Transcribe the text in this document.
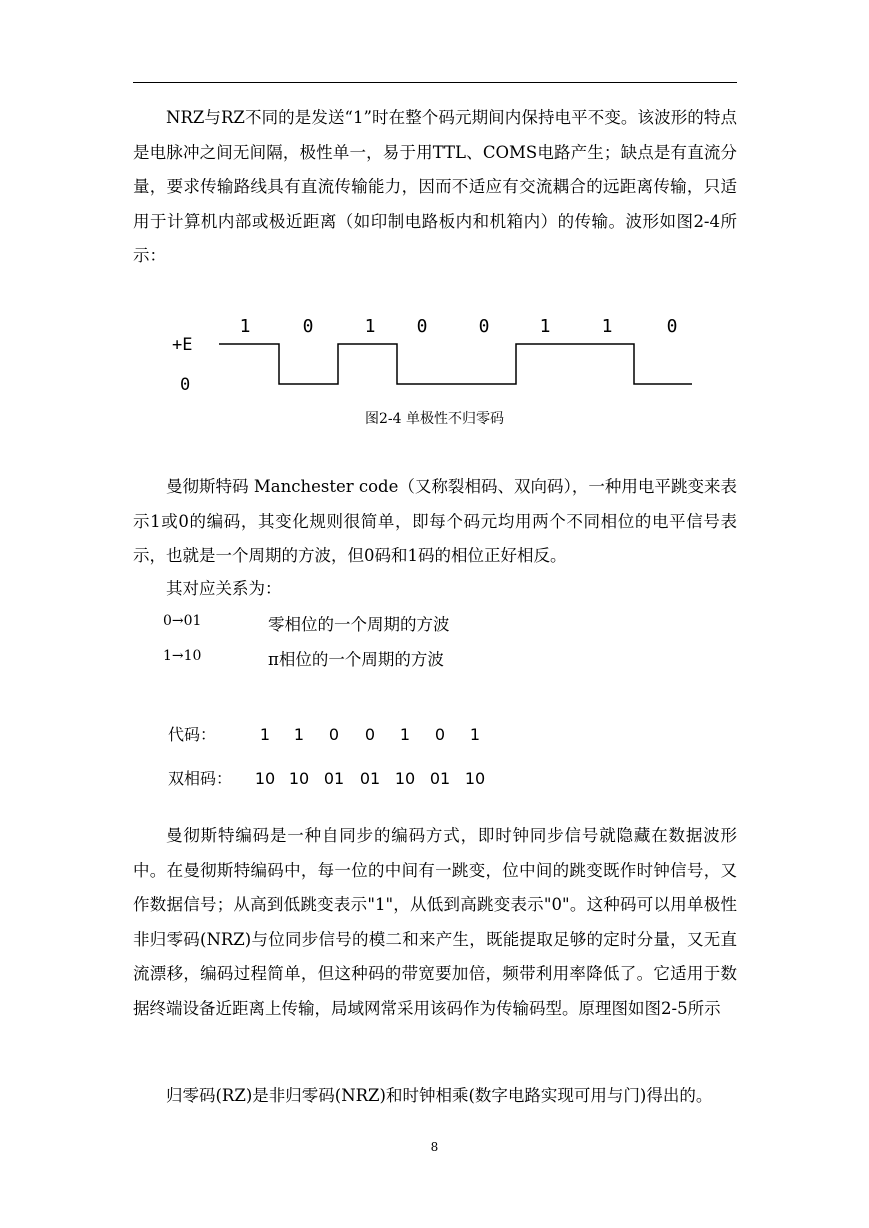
NRZ与RZ不同的是发送“1”时在整个码元期间内保持电平不变。该波形的特点是电脉冲之间无间隔，极性单一，易于用TTL、COMS电路产生；缺点是有直流分量，要求传输路线具有直流传输能力，因而不适应有交流耦合的远距离传输，只适用于计算机内部或极近距离（如印制电路板内和机箱内）的传输。波形如图2-4所示：

1	0	1 0	0	1	1	0
+E
0
图2-4 单极性不归零码

曼彻斯特码 Manchester code（又称裂相码、双向码），一种用电平跳变来表示1或0的编码，其变化规则很简单，即每个码元均用两个不同相位的电平信号表示，也就是一个周期的方波，但0码和1码的相位正好相反。

其对应关系为：
0→01	零相位的一个周期的方波
1→10	π相位的一个周期的方波
代码：	1 1 0 0 1 0 1
双相码： 10 10 01 01 10 01 10

曼彻斯特编码是一种自同步的编码方式，即时钟同步信号就隐藏在数据波形中。在曼彻斯特编码中，每一位的中间有一跳变，位中间的跳变既作时钟信号，又作数据信号；从高到低跳变表示"1"，从低到高跳变表示"0"。这种码可以用单极性非归零码(NRZ)与位同步信号的模二和来产生，既能提取足够的定时分量，又无直流漂移，编码过程简单，但这种码的带宽要加倍，频带利用率降低了。它适用于数据终端设备近距离上传输，局域网常采用该码作为传输码型。原理图如图2-5所示

归零码(RZ)是非归零码(NRZ)和时钟相乘(数字电路实现可用与门)得出的。

8
